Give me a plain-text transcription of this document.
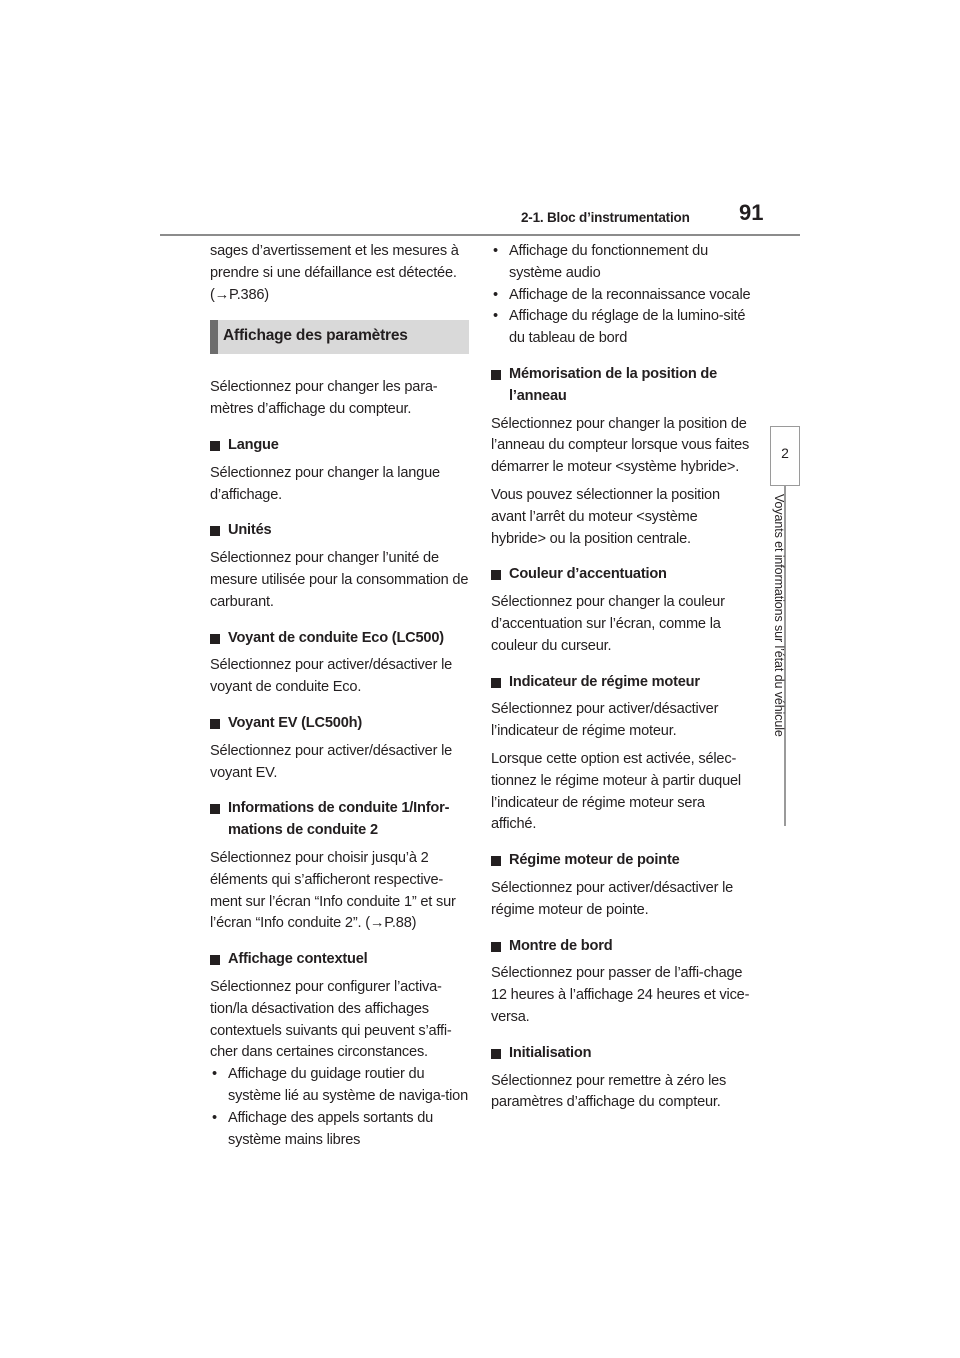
2-1. Bloc d’instrumentation 91
2
Voyants et informations sur l’état du véhicule

sages d’avertissement et les mesures à prendre si une défaillance est détectée.

(→P.386)

Affichage des paramètres

Sélectionnez pour changer les para-mètres d’affichage du compteur.

Langue

Sélectionnez pour changer la langue d’affichage.

Unités

Sélectionnez pour changer l’unité de mesure utilisée pour la consommation de carburant.

Voyant de conduite Eco (LC500)

Sélectionnez pour activer/désactiver le voyant de conduite Eco.

Voyant EV (LC500h)

Sélectionnez pour activer/désactiver le voyant EV.

Informations de conduite 1/Infor-mations de conduite 2

Sélectionnez pour choisir jusqu’à 2 éléments qui s’afficheront respective-ment sur l’écran “Info conduite 1” et sur l’écran “Info conduite 2”. (→P.88)

Affichage contextuel

Sélectionnez pour configurer l’activa-tion/la désactivation des affichages contextuels suivants qui peuvent s’affi-cher dans certaines circonstances.

• Affichage du guidage routier du système lié au système de naviga-tion
• Affichage des appels sortants du système mains libres
• Affichage du fonctionnement du système audio
• Affichage de la reconnaissance vocale
• Affichage du réglage de la lumino-sité du tableau de bord
Mémorisation de la position de l’anneau

Sélectionnez pour changer la position de l’anneau du compteur lorsque vous faites démarrer le moteur <système hybride>.

Vous pouvez sélectionner la position avant l’arrêt du moteur <système hybride> ou la position centrale.

Couleur d’accentuation

Sélectionnez pour changer la couleur d’accentuation sur l’écran, comme la couleur du curseur.

Indicateur de régime moteur

Sélectionnez pour activer/désactiver l’indicateur de régime moteur.

Lorsque cette option est activée, sélec-tionnez le régime moteur à partir duquel l’indicateur de régime moteur sera affiché.

Régime moteur de pointe

Sélectionnez pour activer/désactiver le régime moteur de pointe.

Montre de bord

Sélectionnez pour passer de l’affi-chage 12 heures à l’affichage 24 heures et vice-versa.

Initialisation

Sélectionnez pour remettre à zéro les paramètres d’affichage du compteur.
